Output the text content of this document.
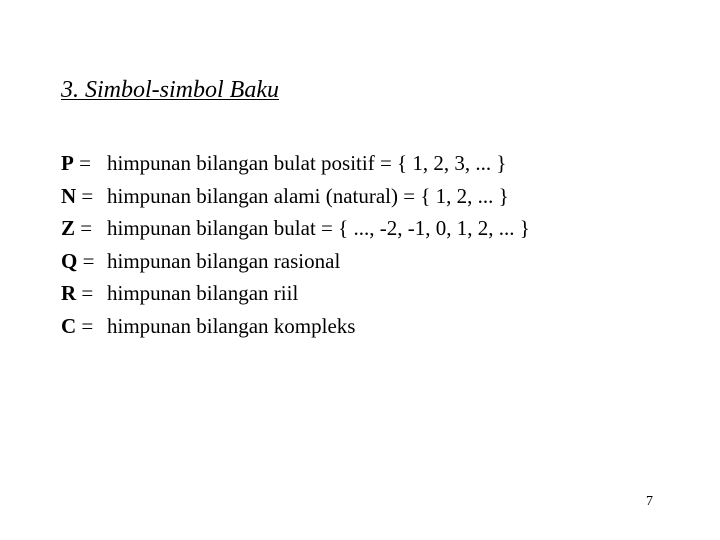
3. Simbol-simbol Baku
P = himpunan bilangan bulat positif = { 1, 2, 3, ... }
N = himpunan bilangan alami (natural) = { 1, 2, ... }
Z = himpunan bilangan bulat = { ..., -2, -1, 0, 1, 2, ... }
Q = himpunan bilangan rasional
R = himpunan bilangan riil
C = himpunan bilangan kompleks
7
